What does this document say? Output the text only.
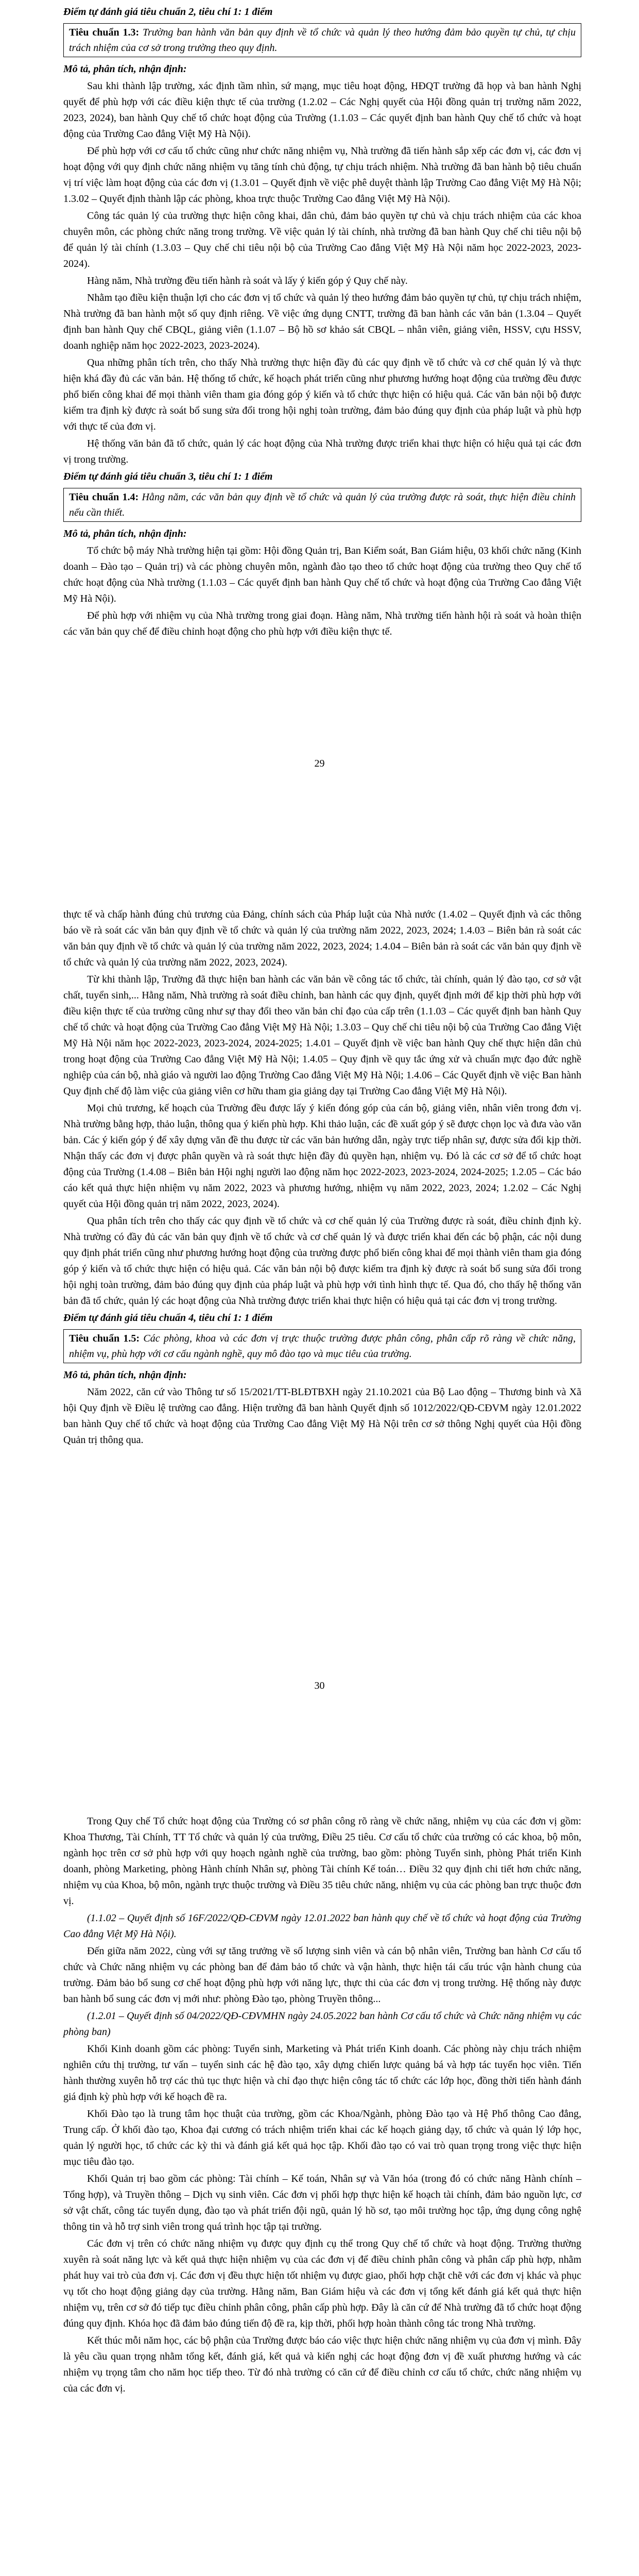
Điểm tự đánh giá tiêu chuẩn 2, tiêu chí 1: 1 điểm

Tiêu chuẩn 1.3: Trường ban hành văn bản quy định về tổ chức và quản lý theo hướng đảm bảo quyền tự chủ, tự chịu trách nhiệm của cơ sở trong trường theo quy định.

Mô tả, phân tích, nhận định:

Sau khi thành lập trường, xác định tầm nhìn, sứ mạng, mục tiêu hoạt động, HĐQT trường đã họp và ban hành Nghị quyết để phù hợp với các điều kiện thực tế của trường (1.2.02 – Các Nghị quyết của Hội đồng quản trị trường năm 2022, 2023, 2024), ban hành Quy chế tổ chức hoạt động của Trường (1.1.03 – Các quyết định ban hành Quy chế tổ chức và hoạt động của Trường Cao đẳng Việt Mỹ Hà Nội).

Để phù hợp với cơ cấu tổ chức cũng như chức năng nhiệm vụ, Nhà trường đã tiến hành sắp xếp các đơn vị, các đơn vị hoạt động với quy định chức năng nhiệm vụ tăng tính chủ động, tự chịu trách nhiệm. Nhà trường đã ban hành bộ tiêu chuẩn vị trí việc làm hoạt động của các đơn vị (1.3.01 – Quyết định về việc phê duyệt thành lập Trường Cao đẳng Việt Mỹ Hà Nội; 1.3.02 – Quyết định thành lập các phòng, khoa trực thuộc Trường Cao đẳng Việt Mỹ Hà Nội).

Công tác quản lý của trường thực hiện công khai, dân chủ, đảm bảo quyền tự chủ và chịu trách nhiệm của các khoa chuyên môn, các phòng chức năng trong trường. Về việc quản lý tài chính, nhà trường đã ban hành Quy chế chi tiêu nội bộ để quản lý tài chính (1.3.03 – Quy chế chi tiêu nội bộ của Trường Cao đẳng Việt Mỹ Hà Nội năm học 2022-2023, 2023-2024).

Hàng năm, Nhà trường đều tiến hành rà soát và lấy ý kiến góp ý Quy chế này.

Nhằm tạo điều kiện thuận lợi cho các đơn vị tổ chức và quản lý theo hướng đảm bảo quyền tự chủ, tự chịu trách nhiệm, Nhà trường đã ban hành một số quy định riêng. Về việc ứng dụng CNTT, trường đã ban hành các văn bản (1.3.04 – Quyết định ban hành Quy chế CBQL, giảng viên (1.1.07 – Bộ hồ sơ khảo sát CBQL – nhân viên, giảng viên, HSSV, cựu HSSV, doanh nghiệp năm học 2022-2023, 2023-2024).

Qua những phân tích trên, cho thấy Nhà trường thực hiện đầy đủ các quy định về tổ chức và cơ chế quản lý và thực hiện khá đầy đủ các văn bản. Hệ thống tổ chức, kế hoạch phát triển cũng như phương hướng hoạt động của trường đều được phổ biến công khai để mọi thành viên tham gia đóng góp ý kiến và tổ chức thực hiện có hiệu quả. Các văn bản nội bộ được kiểm tra định kỳ được rà soát bổ sung sửa đổi trong hội nghị toàn trường, đảm bảo đúng quy định của pháp luật và phù hợp với thực tế của đơn vị.

Hệ thống văn bản đã tổ chức, quản lý các hoạt động của Nhà trường được triển khai thực hiện có hiệu quả tại các đơn vị trong trường.

Điểm tự đánh giá tiêu chuẩn 3, tiêu chí 1: 1 điểm

Tiêu chuẩn 1.4: Hằng năm, các văn bản quy định về tổ chức và quản lý của trường được rà soát, thực hiện điều chỉnh nếu cần thiết.

Mô tả, phân tích, nhận định:

Tổ chức bộ máy Nhà trường hiện tại gồm: Hội đồng Quản trị, Ban Kiểm soát, Ban Giám hiệu, 03 khối chức năng (Kinh doanh – Đào tạo – Quản trị) và các phòng chuyên môn, ngành đào tạo theo tổ chức hoạt động của trường theo Quy chế tổ chức hoạt động của Nhà trường (1.1.03 – Các quyết định ban hành Quy chế tổ chức và hoạt động của Trường Cao đẳng Việt Mỹ Hà Nội).

Để phù hợp với nhiệm vụ của Nhà trường trong giai đoạn. Hàng năm, Nhà trường tiến hành hội rà soát và hoàn thiện các văn bản quy chế để điều chỉnh hoạt động cho phù hợp với điều kiện thực tế.

29

thực tế và chấp hành đúng chủ trương của Đảng, chính sách của Pháp luật của Nhà nước (1.4.02 – Quyết định và các thông báo về rà soát các văn bản quy định về tổ chức và quản lý của trường năm 2022, 2023, 2024; 1.4.03 – Biên bản rà soát các văn bản quy định về tổ chức và quản lý của trường năm 2022, 2023, 2024; 1.4.04 – Biên bản rà soát các văn bản quy định về tổ chức và quản lý của trường năm 2022, 2023, 2024).

Từ khi thành lập, Trường đã thực hiện ban hành các văn bản về công tác tổ chức, tài chính, quản lý đào tạo, cơ sở vật chất, tuyển sinh,... Hằng năm, Nhà trường rà soát điều chỉnh, ban hành các quy định, quyết định mới để kịp thời phù hợp với điều kiện thực tế của trường cũng như sự thay đổi theo văn bản chỉ đạo của cấp trên (1.1.03 – Các quyết định ban hành Quy chế tổ chức và hoạt động của Trường Cao đẳng Việt Mỹ Hà Nội; 1.3.03 – Quy chế chi tiêu nội bộ của Trường Cao đẳng Việt Mỹ Hà Nội năm học 2022-2023, 2023-2024, 2024-2025; 1.4.01 – Quyết định về việc ban hành Quy chế thực hiện dân chủ trong hoạt động của Trường Cao đẳng Việt Mỹ Hà Nội; 1.4.05 – Quy định về quy tắc ứng xử và chuẩn mực đạo đức nghề nghiệp của cán bộ, nhà giáo và người lao động Trường Cao đẳng Việt Mỹ Hà Nội; 1.4.06 – Các Quyết định về việc Ban hành Quy định chế độ làm việc của giảng viên cơ hữu tham gia giảng dạy tại Trường Cao đẳng Việt Mỹ Hà Nội).

Mọi chủ trương, kế hoạch của Trường đều được lấy ý kiến đóng góp của cán bộ, giảng viên, nhân viên trong đơn vị. Nhà trường bằng hợp, thảo luận, thông qua ý kiến phù hợp. Khi thảo luận, các đề xuất góp ý sẽ được chọn lọc và đưa vào văn bản. Các ý kiến góp ý để xây dựng văn đề thu được từ các văn bản hướng dẫn, ngày trực tiếp nhân sự, được sửa đổi kịp thời. Nhận thấy các đơn vị được phân quyền và rà soát thực hiện đầy đủ quyền hạn, nhiệm vụ. Đó là các cơ sở để tổ chức hoạt động của Trường (1.4.08 – Biên bản Hội nghị người lao động năm học 2022-2023, 2023-2024, 2024-2025; 1.2.05 – Các báo cáo kết quả thực hiện nhiệm vụ năm 2022, 2023 và phương hướng, nhiệm vụ năm 2022, 2023, 2024; 1.2.02 – Các Nghị quyết của Hội đồng quản trị năm 2022, 2023, 2024).

Qua phân tích trên cho thấy các quy định về tổ chức và cơ chế quản lý của Trường được rà soát, điều chỉnh định kỳ. Nhà trường có đầy đủ các văn bản quy định về tổ chức và cơ chế quản lý và được triển khai đến các bộ phận, các nội dung quy định phát triển cũng như phương hướng hoạt động của trường được phổ biến công khai để mọi thành viên tham gia đóng góp ý kiến và tổ chức thực hiện có hiệu quả. Các văn bản nội bộ được kiểm tra định kỳ được rà soát bổ sung sửa đổi trong hội nghị toàn trường, đảm bảo đúng quy định của pháp luật và phù hợp với tình hình thực tế. Qua đó, cho thấy hệ thống văn bản đã tổ chức, quản lý các hoạt động của Nhà trường được triển khai thực hiện có hiệu quả tại các đơn vị trong trường.

Điểm tự đánh giá tiêu chuẩn 4, tiêu chí 1: 1 điểm

Tiêu chuẩn 1.5: Các phòng, khoa và các đơn vị trực thuộc trường được phân công, phân cấp rõ ràng về chức năng, nhiệm vụ, phù hợp với cơ cấu ngành nghề, quy mô đào tạo và mục tiêu của trường.

Mô tả, phân tích, nhận định:

Năm 2022, căn cứ vào Thông tư số 15/2021/TT-BLĐTBXH ngày 21.10.2021 của Bộ Lao động – Thương binh và Xã hội Quy định về Điều lệ trường cao đẳng. Hiện trường đã ban hành Quyết định số 1012/2022/QĐ-CĐVM ngày 12.01.2022 ban hành Quy chế tổ chức và hoạt động của Trường Cao đẳng Việt Mỹ Hà Nội trên cơ sở thông Nghị quyết của Hội đồng Quản trị thông qua.

30

Trong Quy chế Tổ chức hoạt động của Trường có sơ phân công rõ ràng về chức năng, nhiệm vụ của các đơn vị gồm: Khoa Thương, Tài Chính, TT Tổ chức và quản lý của trường, Điều 25 tiêu. Cơ cấu tổ chức của trường có các khoa, bộ môn, ngành học trên cơ sở phù hợp với quy hoạch ngành nghề của trường, bao gồm: phòng Tuyển sinh, phòng Phát triển Kinh doanh, phòng Marketing, phòng Hành chính Nhân sự, phòng Tài chính Kế toán… Điều 32 quy định chi tiết hơn chức năng, nhiệm vụ của Khoa, bộ môn, ngành trực thuộc trường và Điều 35 tiêu chức năng, nhiệm vụ của các phòng ban trực thuộc đơn vị.

(1.1.02 – Quyết định số 16F/2022/QĐ-CĐVM ngày 12.01.2022 ban hành quy chế về tổ chức và hoạt động của Trường Cao đẳng Việt Mỹ Hà Nội).

Đến giữa năm 2022, cùng với sự tăng trưởng về số lượng sinh viên và cán bộ nhân viên, Trường ban hành Cơ cấu tổ chức và Chức năng nhiệm vụ các phòng ban để đảm bảo tổ chức và vận hành, thực hiện tái cấu trúc vận hành chung của trường. Đảm bảo bổ sung cơ chế hoạt động phù hợp với năng lực, thực thi của các đơn vị trong trường. Hệ thống này được ban hành bổ sung các đơn vị mới như: phòng Đào tạo, phòng Truyền thông...

(1.2.01 – Quyết định số 04/2022/QĐ-CĐVMHN ngày 24.05.2022 ban hành Cơ cấu tổ chức và Chức năng nhiệm vụ các phòng ban)

Khối Kinh doanh gồm các phòng: Tuyển sinh, Marketing và Phát triển Kinh doanh. Các phòng này chịu trách nhiệm nghiên cứu thị trường, tư vấn – tuyển sinh các hệ đào tạo, xây dựng chiến lược quảng bá và hợp tác tuyển học viên. Tiến hành thường xuyên hỗ trợ các thủ tục thực hiện và chỉ đạo thực hiện công tác tổ chức các lớp học, đồng thời tiến hành đánh giá định kỳ phù hợp với kế hoạch đề ra.

Khối Đào tạo là trung tâm học thuật của trường, gồm các Khoa/Ngành, phòng Đào tạo và Hệ Phổ thông Cao đẳng, Trung cấp. Ở khối đào tạo, Khoa đại cương có trách nhiệm triển khai các kế hoạch giảng dạy, tổ chức và quản lý lớp học, quản lý người học, tổ chức các kỳ thi và đánh giá kết quả học tập. Khối đào tạo có vai trò quan trọng trong việc thực hiện mục tiêu đào tạo.

Khối Quản trị bao gồm các phòng: Tài chính – Kế toán, Nhân sự và Văn hóa (trong đó có chức năng Hành chính – Tổng hợp), và Truyền thông – Dịch vụ sinh viên. Các đơn vị phối hợp thực hiện kế hoạch tài chính, đảm bảo nguồn lực, cơ sở vật chất, công tác tuyển dụng, đào tạo và phát triển đội ngũ, quản lý hồ sơ, tạo môi trường học tập, ứng dụng công nghệ thông tin và hỗ trợ sinh viên trong quá trình học tập tại trường.

Các đơn vị trên có chức năng nhiệm vụ được quy định cụ thể trong Quy chế tổ chức và hoạt động. Trường thường xuyên rà soát năng lực và kết quả thực hiện nhiệm vụ của các đơn vị để điều chỉnh phân công và phân cấp phù hợp, nhằm phát huy vai trò của đơn vị. Các đơn vị đều thực hiện tốt nhiệm vụ được giao, phối hợp chặt chẽ với các đơn vị khác và phục vụ tốt cho hoạt động giảng dạy của trường. Hằng năm, Ban Giám hiệu và các đơn vị tổng kết đánh giá kết quả thực hiện nhiệm vụ, trên cơ sở đó tiếp tục điều chỉnh phân công, phân cấp phù hợp. Đây là căn cứ để Nhà trường đã tổ chức hoạt động đúng quy định. Khóa học đã đảm bảo đúng tiến độ đề ra, kịp thời, phối hợp hoàn thành công tác trong Nhà trường.

Kết thúc mỗi năm học, các bộ phận của Trường được báo cáo việc thực hiện chức năng nhiệm vụ của đơn vị mình. Đây là yêu cầu quan trọng nhằm tổng kết, đánh giá, kết quả và kiến nghị các hoạt động đơn vị đề xuất phương hướng và các nhiệm vụ trọng tâm cho năm học tiếp theo. Từ đó nhà trường có căn cứ để điều chỉnh cơ cấu tổ chức, chức năng nhiệm vụ của các đơn vị.
